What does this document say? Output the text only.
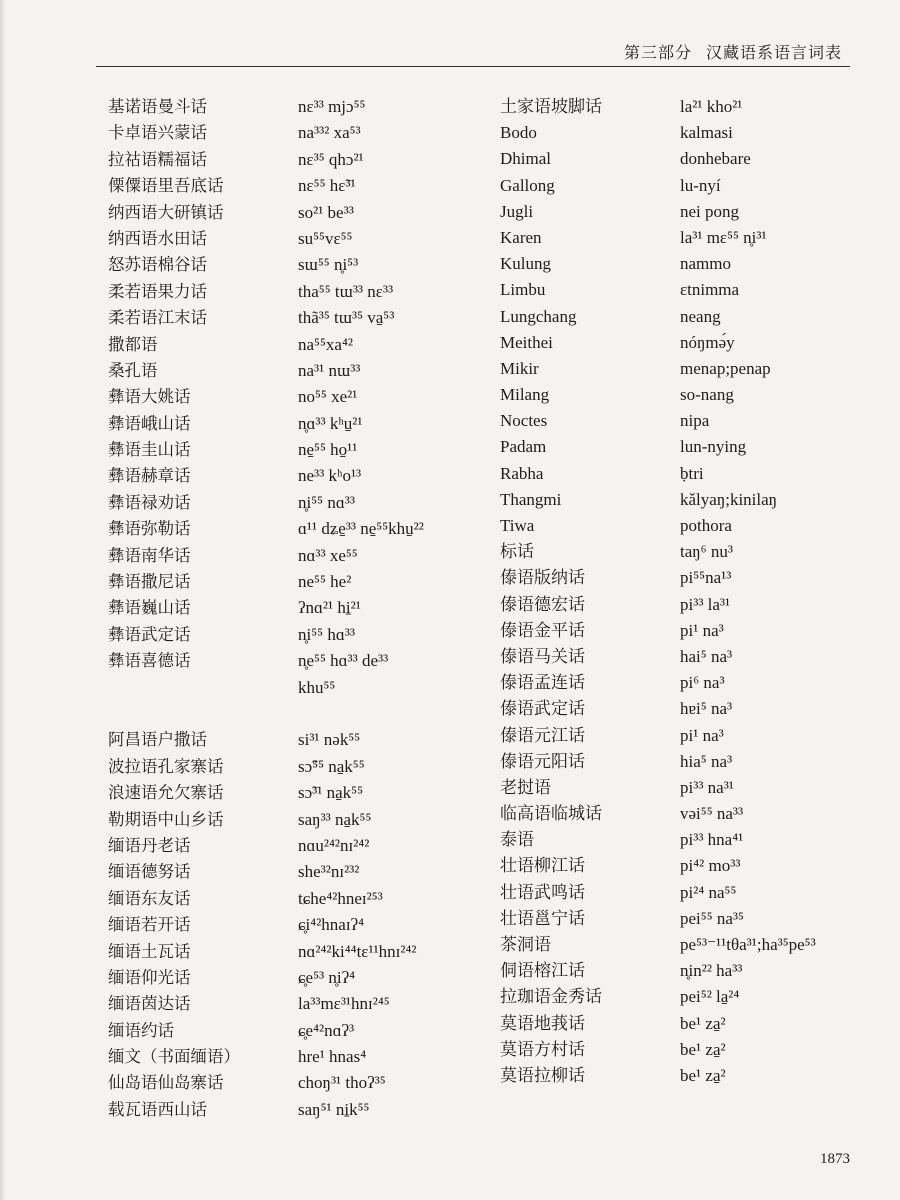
第三部分 汉藏语系语言词表
基诺语曼斗话	nɛ³³ mjɔ⁵⁵
卡卓语兴蒙话	na³³² xa⁵³
拉祜语糯福话	nɛ³⁵ qhɔ²¹
傈僳语里吾底话	nɛ⁵⁵ hɛ̃³¹
纳西语大研镇话	so²¹ be³³
纳西语水田话	su⁵⁵vɛ⁵⁵
怒苏语棉谷话	sɯ⁵⁵ n̥i⁵³
柔若语果力话	tha⁵⁵ tɯ³³ nɛ³³
柔若语江末话	thã³⁵ tɯ³⁵ va̠⁵³
撒都语	na⁵⁵xa⁴²
桑孔语	na³¹ nɯ³³
彝语大姚话	no⁵⁵ xe²¹
彝语峨山话	n̥ɑ³³ kʰu̠²¹
彝语圭山话	ne̠⁵⁵ ho̠¹¹
彝语赫章话	ne³³ kʰo¹³
彝语禄劝话	n̥i⁵⁵ nɑ³³
彝语弥勒话	ɑ¹¹ dʑe̠³³ ne̠⁵⁵khu̠²²
彝语南华话	nɑ³³ xe⁵⁵
彝语撒尼话	ne⁵⁵ he²
彝语巍山话	ʔnɑ²¹ hi̠²¹
彝语武定话	n̥i⁵⁵ hɑ³³
彝语喜德话	n̥e⁵⁵ hɑ³³ de³³
khu⁵⁵
阿昌语户撒话	si³¹ nək⁵⁵
波拉语孔家寨话	sɔ̃⁵⁵ na̠k⁵⁵
浪速语允欠寨话	sɔ̃³¹ na̠k⁵⁵
勒期语中山乡话	saŋ³³ na̠k⁵⁵
缅语丹老话	nɑu²⁴²nɪ²⁴²
缅语德努话	she³²nɪ²³²
缅语东友话	tɕhe⁴²hneɪ²⁵³
缅语若开话	ɕ̥i⁴²hnaɪʔ⁴
缅语土瓦话	nɑ²⁴²ki⁴⁴tɛ¹¹hnɪ²⁴²
缅语仰光话	ɕ̥e⁵³ n̥iʔ⁴
缅语茵达话	la³³mɛ³¹hnɪ²⁴⁵
缅语约话	ɕ̥e⁴²nɑʔ³
缅文（书面缅语）	hre¹ hnas⁴
仙岛语仙岛寨话	choŋ³¹ thoʔ³⁵
载瓦语西山话	saŋ⁵¹ ni̠k⁵⁵
土家语坡脚话	la²¹ kho²¹
Bodo	kalmasi
Dhimal	donhebare
Gallong	lu-nyí
Jugli	nei pong
Karen	la³¹ mɛ⁵⁵ n̥i³¹
Kulung	nammo
Limbu	ɛtnimma
Lungchang	neang
Meithei	nóŋmə́y
Mikir	menap;penap
Milang	so-nang
Noctes	nipa
Padam	lun-nying
Rabha	ḅtri
Thangmi	kǎlyaŋ;kinilaŋ
Tiwa	pothora
标话	taŋ⁶ nu³
傣语版纳话	pi⁵⁵na¹³
傣语德宏话	pi³³ la³¹
傣语金平话	pi¹ na³
傣语马关话	hai⁵ na³
傣语孟连话	pi⁶ na³
傣语武定话	hɐi⁵ na³
傣语元江话	pi¹ na³
傣语元阳话	hia⁵ na³
老挝语	pi³³ na³¹
临高语临城话	vəi⁵⁵ na³³
泰语	pi³³ hna⁴¹
壮语柳江话	pi⁴² mo³³
壮语武鸣话	pi²⁴ na⁵⁵
壮语邕宁话	pei⁵⁵ na³⁵
茶洞语	pe⁵³⁻¹¹tθa³¹;ha³⁵pe⁵³
侗语榕江话	n̥in²² ha³³
拉珈语金秀话	pei⁵² la̠²⁴
莫语地莪话	be¹ za̠²
莫语方村话	be¹ za̠²
莫语拉柳话	be¹ za̠²
1873
